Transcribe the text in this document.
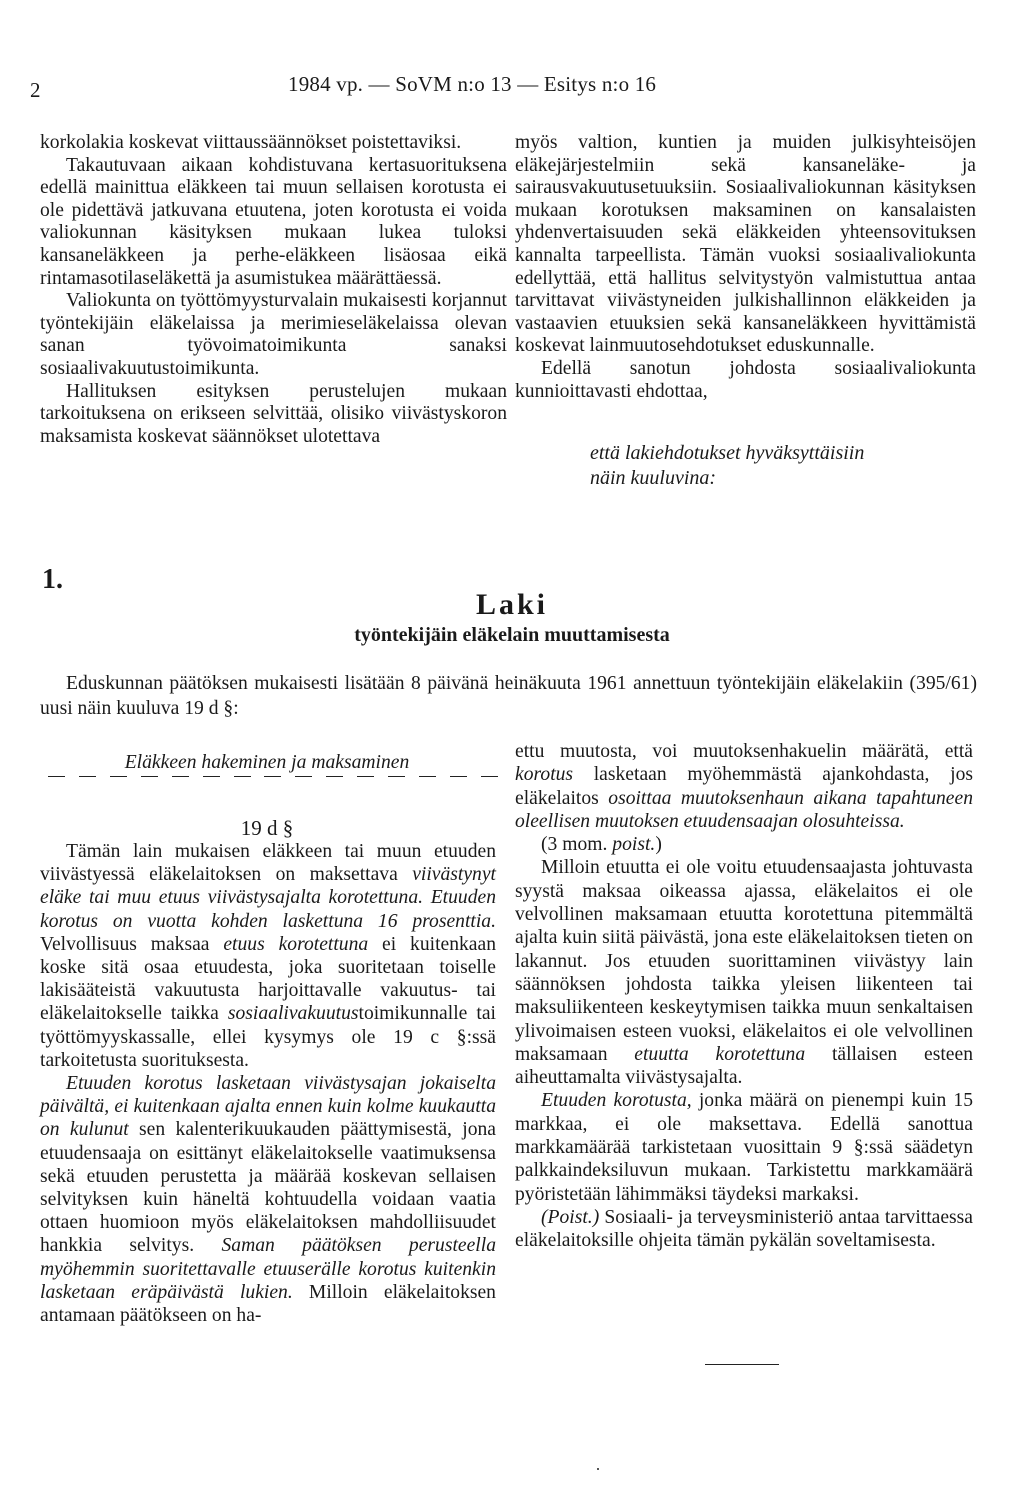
2	1984 vp. — SoVM n:o 13 — Esitys n:o 16

korkolakia koskevat viittaussäännökset poistettaviksi.

Takautuvaan aikaan kohdistuvana kertasuorituksena edellä mainittua eläkkeen tai muun sellaisen korotusta ei ole pidettävä jatkuvana etuutena, joten korotusta ei voida valiokunnan käsityksen mukaan lukea tuloksi kansaneläkkeen ja perhe-eläkkeen lisäosaa eikä rintamasotilaseläkettä ja asumistukea määrättäessä.

Valiokunta on työttömyysturvalain mukaisesti korjannut työntekijäin eläkelaissa ja merimieseläkelaissa olevan sanan työvoimatoimikunta sanaksi sosiaalivakuutustoimikunta.

Hallituksen esityksen perustelujen mukaan tarkoituksena on erikseen selvittää, olisiko viivästyskoron maksamista koskevat säännökset ulotettava

myös valtion, kuntien ja muiden julkisyhteisöjen eläkejärjestelmiin sekä kansaneläke- ja sairausvakuutusetuuksiin. Sosiaalivaliokunnan käsityksen mukaan korotuksen maksaminen on kansalaisten yhdenvertaisuuden sekä eläkkeiden yhteensovituksen kannalta tarpeellista. Tämän vuoksi sosiaalivaliokunta edellyttää, että hallitus selvitystyön valmistuttua antaa tarvittavat viivästyneiden julkishallinnon eläkkeiden ja vastaavien etuuksien sekä kansaneläkkeen hyvittämistä koskevat lainmuutosehdotukset eduskunnalle.

Edellä sanotun johdosta sosiaalivaliokunta kunnioittavasti ehdottaa,

että lakiehdotukset hyväksyttäisiin näin kuuluvina:
1.
Laki
työntekijäin eläkelain muuttamisesta
Eduskunnan päätöksen mukaisesti lisätään 8 päivänä heinäkuuta 1961 annettuun työntekijäin eläkelakiin (395/61) uusi näin kuuluva 19 d §:
Eläkkeen hakeminen ja maksaminen
19 d §

Tämän lain mukaisen eläkkeen tai muun etuuden viivästyessä eläkelaitoksen on maksettava viivästynyt eläke tai muu etuus viivästysajalta korotettuna. Etuuden korotus on vuotta kohden laskettuna 16 prosenttia. Velvollisuus maksaa etuus korotettuna ei kuitenkaan koske sitä osaa etuudesta, joka suoritetaan toiselle lakisääteistä vakuutusta harjoittavalle vakuutus- tai eläkelaitokselle taikka sosiaalivakuutustoimikunnalle tai työttömyyskassalle, ellei kysymys ole 19 c §:ssä tarkoitetusta suorituksesta.

Etuuden korotus lasketaan viivästysajan jokaiselta päivältä, ei kuitenkaan ajalta ennen kuin kolme kuukautta on kulunut sen kalenterikuukauden päättymisestä, jona etuudensaaja on esittänyt eläkelaitokselle vaatimuksensa sekä etuuden perustetta ja määrää koskevan sellaisen selvityksen kuin häneltä kohtuudella voidaan vaatia ottaen huomioon myös eläkelaitoksen mahdolliisuudet hankkia selvitys. Saman päätöksen perusteella myöhemmin suoritettavalle etuuserälle korotus kuitenkin lasketaan eräpäivästä lukien. Milloin eläkelaitoksen antamaan päätökseen on ha-

ettu muutosta, voi muutoksenhakuelin määrätä, että korotus lasketaan myöhemmästä ajankohdasta, jos eläkelaitos osoittaa muutoksenhaun aikana tapahtuneen oleellisen muutoksen etuudensaajan olosuhteissa.

(3 mom. poist.)

Milloin etuutta ei ole voitu etuudensaajasta johtuvasta syystä maksaa oikeassa ajassa, eläkelaitos ei ole velvollinen maksamaan etuutta korotettuna pitemmältä ajalta kuin siitä päivästä, jona este eläkelaitoksen tieten on lakannut. Jos etuuden suorittaminen viivästyy lain säännöksen johdosta taikka yleisen liikenteen tai maksuliikenteen keskeytymisen taikka muun senkaltaisen ylivoimaisen esteen vuoksi, eläkelaitos ei ole velvollinen maksamaan etuutta korotettuna tällaisen esteen aiheuttamalta viivästysajalta.

Etuuden korotusta, jonka määrä on pienempi kuin 15 markkaa, ei ole maksettava. Edellä sanottua markkamäärää tarkistetaan vuosittain 9 §:ssä säädetyn palkkaindeksiluvun mukaan. Tarkistettu markkamäärä pyöristetään lähimmäksi täydeksi markaksi.

(Poist.) Sosiaali- ja terveysministeriö antaa tarvittaessa eläkelaitoksille ohjeita tämän pykälän soveltamisesta.
